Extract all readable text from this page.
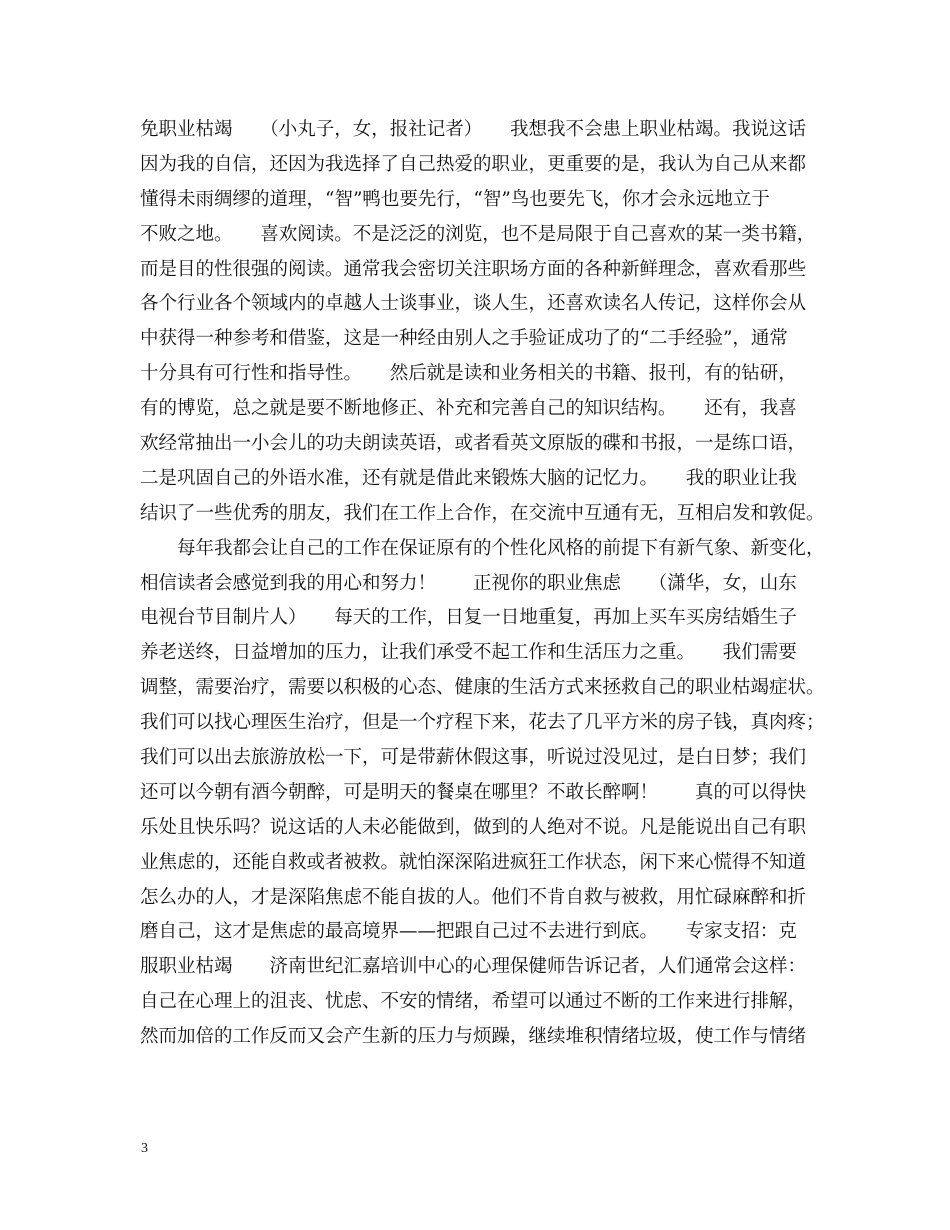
免职业枯竭　　（小丸子，女，报社记者）　　我想我不会患上职业枯竭。我说这话
因为我的自信，还因为我选择了自己热爱的职业，更重要的是，我认为自己从来都
懂得未雨绸缪的道理，“智”鸭也要先行，“智”鸟也要先飞，你才会永远地立于
不败之地。　　喜欢阅读。不是泛泛的浏览，也不是局限于自己喜欢的某一类书籍，
而是目的性很强的阅读。通常我会密切关注职场方面的各种新鲜理念，喜欢看那些
各个行业各个领域内的卓越人士谈事业，谈人生，还喜欢读名人传记，这样你会从
中获得一种参考和借鉴，这是一种经由别人之手验证成功了的“二手经验”，通常
十分具有可行性和指导性。　　然后就是读和业务相关的书籍、报刊，有的钻研，
有的博览，总之就是要不断地修正、补充和完善自己的知识结构。　　还有，我喜
欢经常抽出一小会儿的功夫朗读英语，或者看英文原版的碟和书报，一是练口语，
二是巩固自己的外语水准，还有就是借此来锻炼大脑的记忆力。　　我的职业让我
结识了一些优秀的朋友，我们在工作上合作，在交流中互通有无，互相启发和敦促。
　　每年我都会让自己的工作在保证原有的个性化风格的前提下有新气象、新变化，
相信读者会感觉到我的用心和努力！　　正视你的职业焦虑　　（潇华，女，山东
电视台节目制片人）　　每天的工作，日复一日地重复，再加上买车买房结婚生子
养老送终，日益增加的压力，让我们承受不起工作和生活压力之重。　　我们需要
调整，需要治疗，需要以积极的心态、健康的生活方式来拯救自己的职业枯竭症状。
我们可以找心理医生治疗，但是一个疗程下来，花去了几平方米的房子钱，真肉疼；
我们可以出去旅游放松一下，可是带薪休假这事，听说过没见过，是白日梦；我们
还可以今朝有酒今朝醉，可是明天的餐桌在哪里？不敢长醉啊！　　真的可以得快
乐处且快乐吗？说这话的人未必能做到，做到的人绝对不说。凡是能说出自己有职
业焦虑的，还能自救或者被救。就怕深深陷进疯狂工作状态，闲下来心慌得不知道
怎么办的人，才是深陷焦虑不能自拔的人。他们不肯自救与被救，用忙碌麻醉和折
磨自己，这才是焦虑的最高境界——把跟自己过不去进行到底。　　专家支招：克
服职业枯竭　　济南世纪汇嘉培训中心的心理保健师告诉记者，人们通常会这样：
自己在心理上的沮丧、忧虑、不安的情绪，希望可以通过不断的工作来进行排解，
然而加倍的工作反而又会产生新的压力与烦躁，继续堆积情绪垃圾，使工作与情绪
3
